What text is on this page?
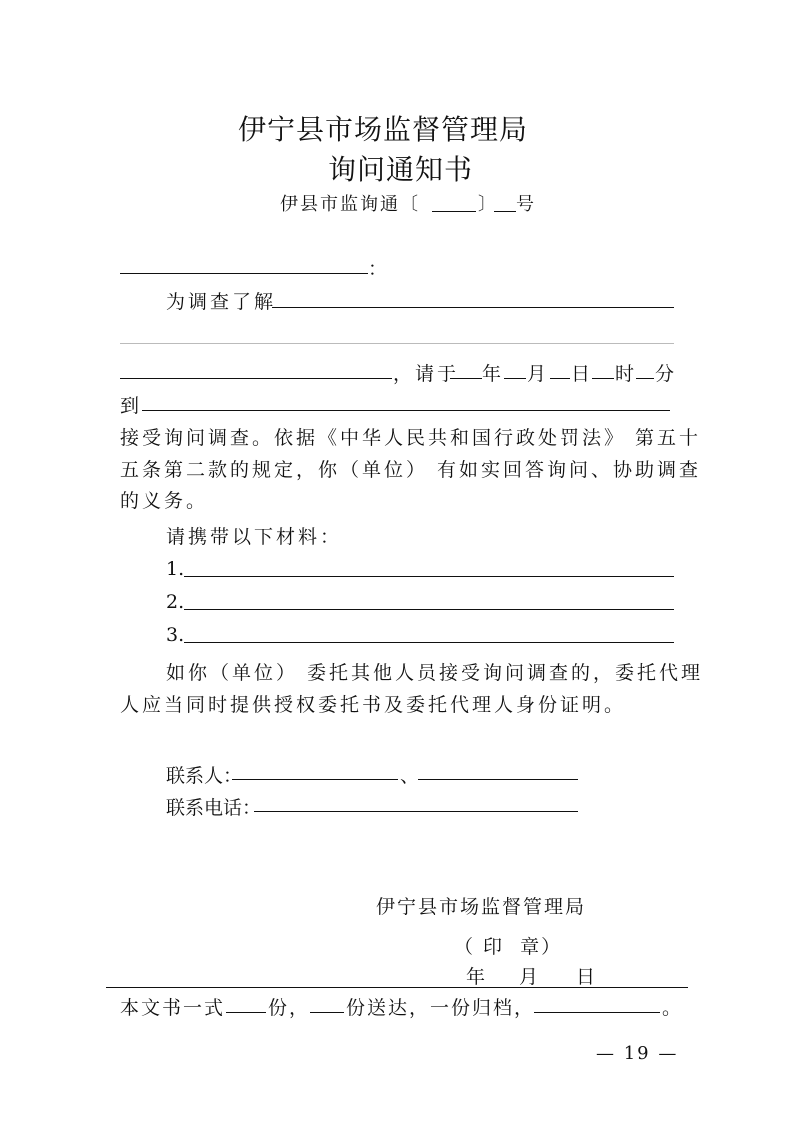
伊宁县市场监督管理局
询问通知书
伊县市监询通〔	〕 号
：
为调查了解
，请于 年 月 日 时 分
到
接受询问调查。依据《中华人民共和国行政处罚法》 第五十
五条第二款的规定，你（单位） 有如实回答询问、协助调查
的义务。
请携带以下材料：
1.
2.
3.
如你（单位） 委托其他人员接受询问调查的，委托代理
人应当同时提供授权委托书及委托代理人身份证明。
联系人：	、
联系电话：
伊宁县市场监督管理局
（ 印  章）
年 月 日
本文书一式 份， 份送达，一份归档，	。
— 19 —
